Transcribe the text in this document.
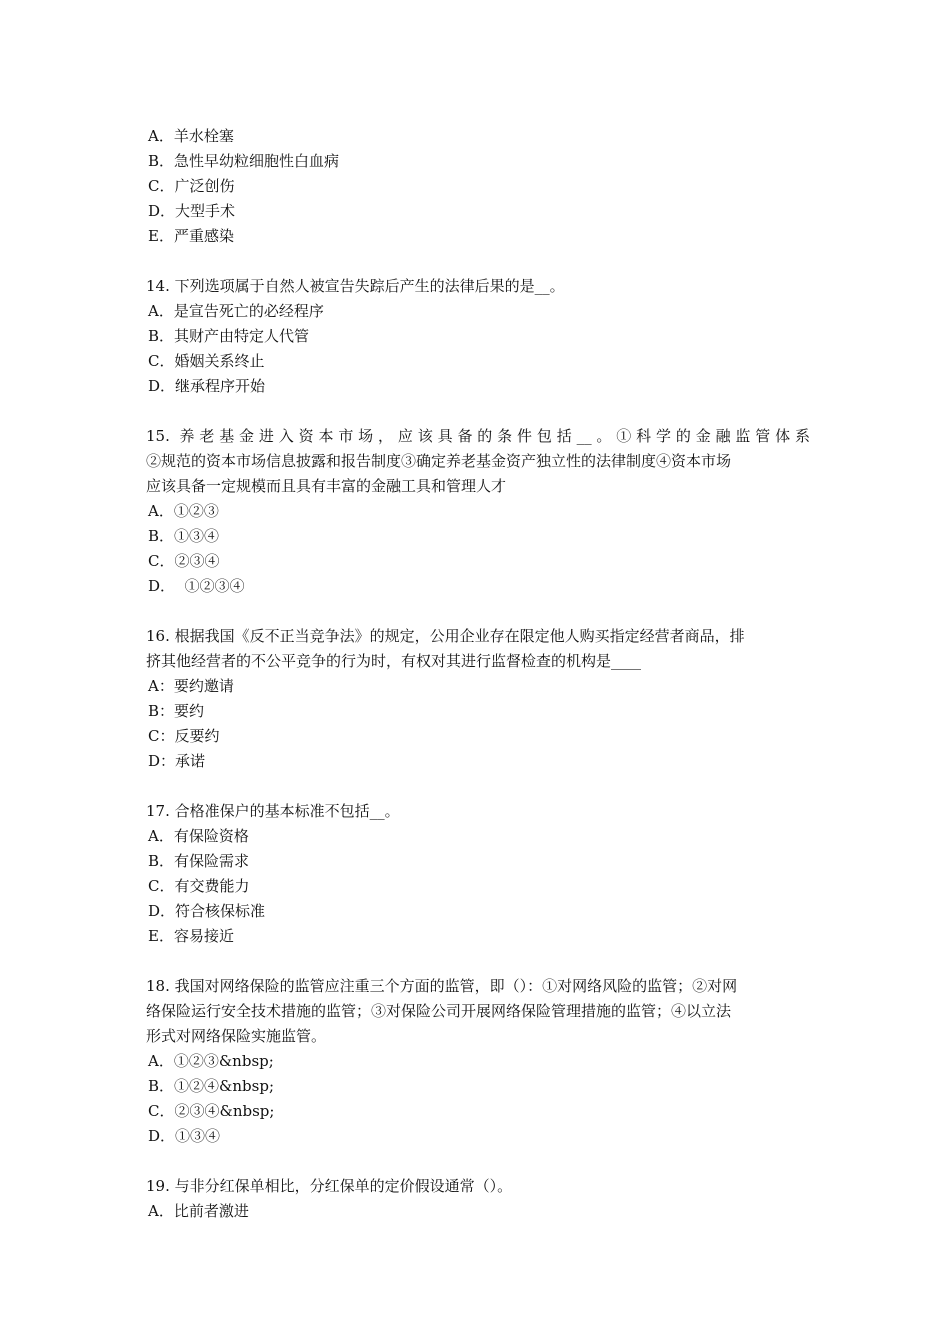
A．羊水栓塞
B．急性早幼粒细胞性白血病
C．广泛创伤
D．大型手术
E．严重感染
14. 下列选项属于自然人被宣告失踪后产生的法律后果的是__。
A．是宣告死亡的必经程序
B．其财产由特定人代管
C．婚姻关系终止
D．继承程序开始
15. 养老基金进入资本市场，应该具备的条件包括__。①科学的金融监管体系
②规范的资本市场信息披露和报告制度③确定养老基金资产独立性的法律制度④资本市场
应该具备一定规模而且具有丰富的金融工具和管理人才
A．①②③
B．①③④
C．②③④
D．  ①②③④
16. 根据我国《反不正当竞争法》的规定，公用企业存在限定他人购买指定经营者商品，排
挤其他经营者的不公平竞争的行为时，有权对其进行监督检查的机构是____
A：要约邀请
B：要约
C：反要约
D：承诺
17. 合格准保户的基本标准不包括__。
A．有保险资格
B．有保险需求
C．有交费能力
D．符合核保标准
E．容易接近
18. 我国对网络保险的监管应注重三个方面的监管，即（）：①对网络风险的监管；②对网
络保险运行安全技术措施的监管；③对保险公司开展网络保险管理措施的监管；④以立法
形式对网络保险实施监管。
A．①②③&nbsp;
B．①②④&nbsp;
C．②③④&nbsp;
D．①③④
19. 与非分红保单相比，分红保单的定价假设通常（）。
A．比前者激进
